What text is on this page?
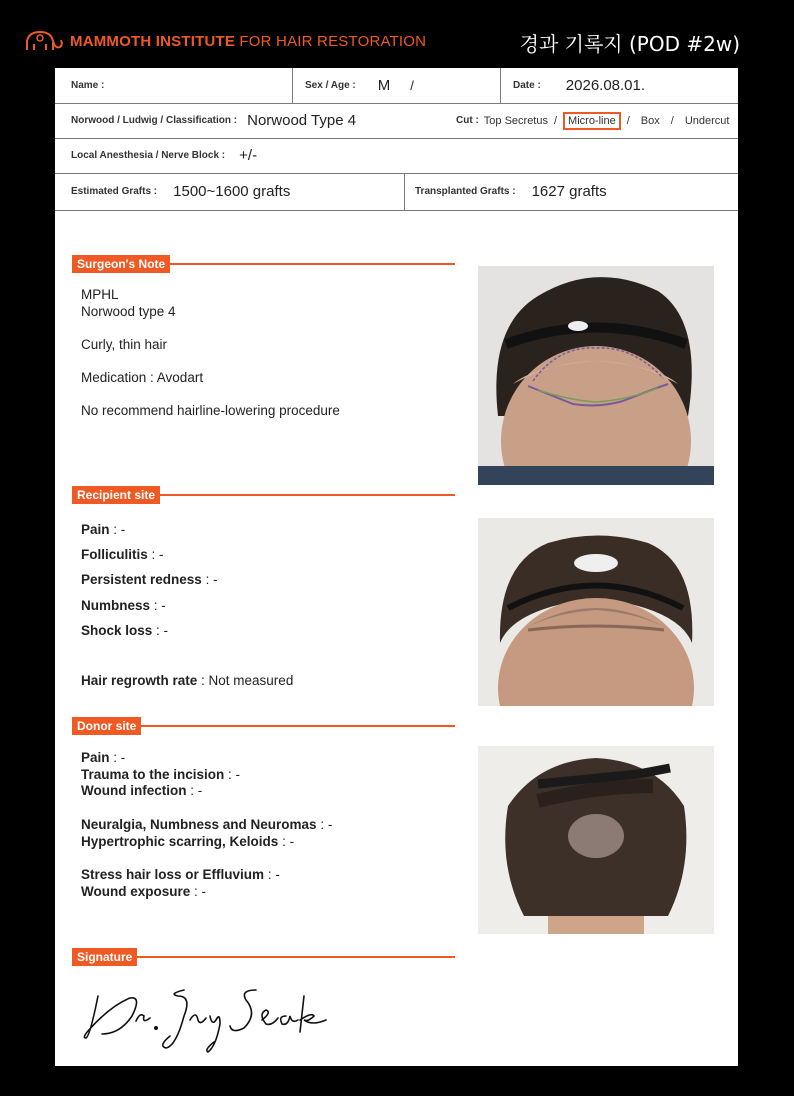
MAMMOTH INSTITUTE FOR HAIR RESTORATION	경과 기록지 (POD #2w)
Name :	Sex / Age : M /	Date : 2026.08.01.
Norwood / Ludwig / Classification : Norwood Type 4	Cut : Top Secretus /	Micro-line	/ Box / Undercut
Local Anesthesia / Nerve Block : +/-
Estimated Grafts : 1500~1600 grafts	Transplanted Grafts : 1627 grafts
Surgeon's Note

MPHL

Norwood type 4

Curly, thin hair

Medication : Avodart

No recommend hairline-lowering procedure

Recipient site
Pain : -
Folliculitis : -
Persistent redness : -
Numbness : -
Shock loss : -
Hair regrowth rate : Not measured
Donor site
Pain : -
Trauma to the incision : -
Wound infection : -
Neuralgia, Numbness and Neuromas : -
Hypertrophic scarring, Keloids : -
Stress hair loss or Effluvium : -
Wound exposure : -
Signature
